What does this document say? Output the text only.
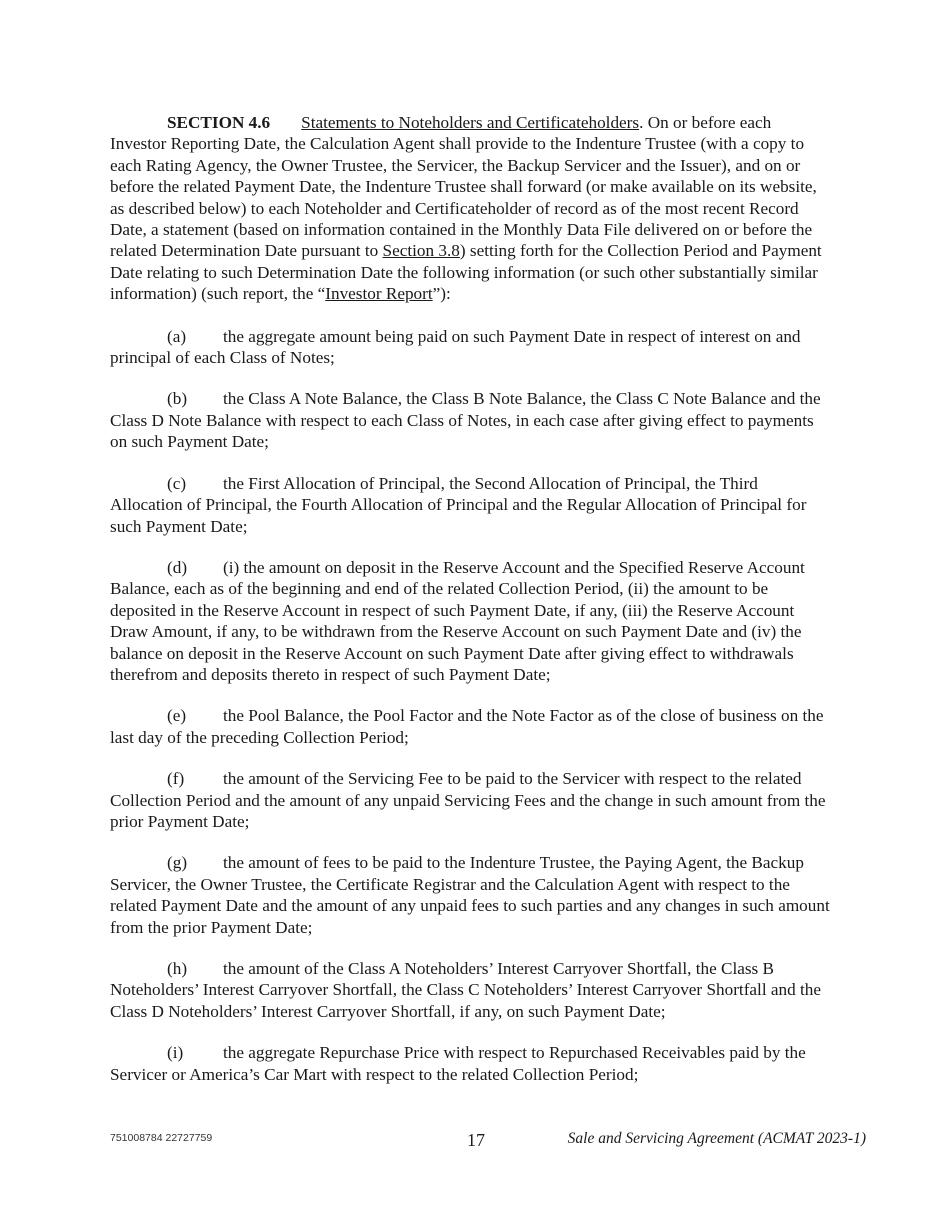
SECTION 4.6 Statements to Noteholders and Certificateholders. On or before each Investor Reporting Date, the Calculation Agent shall provide to the Indenture Trustee (with a copy to each Rating Agency, the Owner Trustee, the Servicer, the Backup Servicer and the Issuer), and on or before the related Payment Date, the Indenture Trustee shall forward (or make available on its website, as described below) to each Noteholder and Certificateholder of record as of the most recent Record Date, a statement (based on information contained in the Monthly Data File delivered on or before the related Determination Date pursuant to Section 3.8) setting forth for the Collection Period and Payment Date relating to such Determination Date the following information (or such other substantially similar information) (such report, the “Investor Report”):

(a) the aggregate amount being paid on such Payment Date in respect of interest on and principal of each Class of Notes;

(b) the Class A Note Balance, the Class B Note Balance, the Class C Note Balance and the Class D Note Balance with respect to each Class of Notes, in each case after giving effect to payments on such Payment Date;

(c) the First Allocation of Principal, the Second Allocation of Principal, the Third Allocation of Principal, the Fourth Allocation of Principal and the Regular Allocation of Principal for such Payment Date;

(d) (i) the amount on deposit in the Reserve Account and the Specified Reserve Account Balance, each as of the beginning and end of the related Collection Period, (ii) the amount to be deposited in the Reserve Account in respect of such Payment Date, if any, (iii) the Reserve Account Draw Amount, if any, to be withdrawn from the Reserve Account on such Payment Date and (iv) the balance on deposit in the Reserve Account on such Payment Date after giving effect to withdrawals therefrom and deposits thereto in respect of such Payment Date;

(e) the Pool Balance, the Pool Factor and the Note Factor as of the close of business on the last day of the preceding Collection Period;

(f) the amount of the Servicing Fee to be paid to the Servicer with respect to the related Collection Period and the amount of any unpaid Servicing Fees and the change in such amount from the prior Payment Date;

(g) the amount of fees to be paid to the Indenture Trustee, the Paying Agent, the Backup Servicer, the Owner Trustee, the Certificate Registrar and the Calculation Agent with respect to the related Payment Date and the amount of any unpaid fees to such parties and any changes in such amount from the prior Payment Date;

(h) the amount of the Class A Noteholders’ Interest Carryover Shortfall, the Class B Noteholders’ Interest Carryover Shortfall, the Class C Noteholders’ Interest Carryover Shortfall and the Class D Noteholders’ Interest Carryover Shortfall, if any, on such Payment Date;

(i) the aggregate Repurchase Price with respect to Repurchased Receivables paid by the Servicer or America’s Car Mart with respect to the related Collection Period;

751008784 22727759	17	Sale and Servicing Agreement (ACMAT 2023-1)
